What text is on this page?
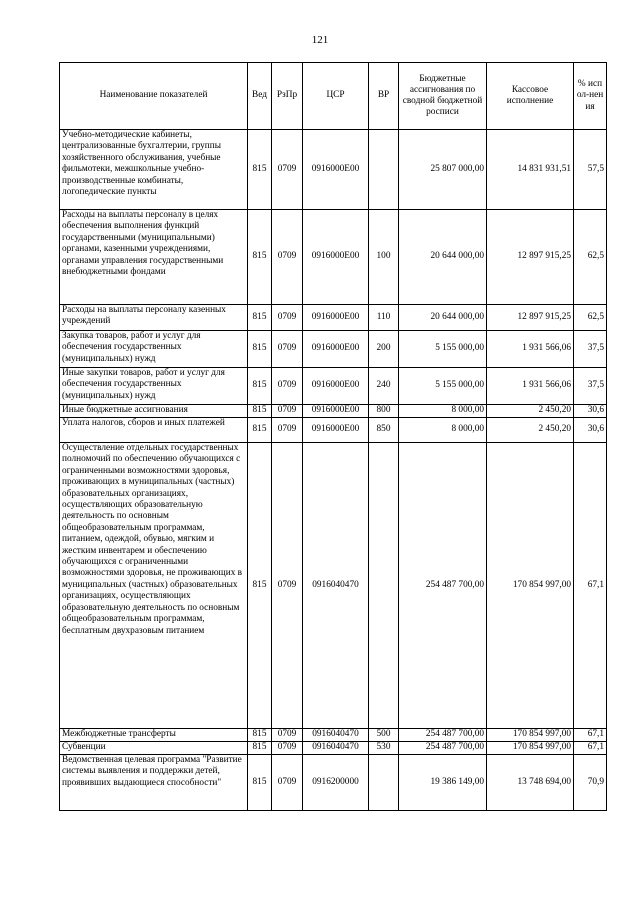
121
Наименование показателей	Вед	РзПр	ЦСР	ВР	Бюджетные ассигнования по сводной бюджетной росписи	Кассовое исполнение	% испол-нения
Учебно-методические кабинеты, централизованные бухгалтерии, группы хозяйственного обслуживания, учебные фильмотеки, межшкольные учебно-производственные комбинаты, логопедические пункты	815	0709	0916000Е00		25 807 000,00	14 831 931,51	57,5
Расходы на выплаты персоналу в целях обеспечения выполнения функций государственными (муниципальными) органами, казенными учреждениями, органами управления государственными внебюджетными фондами	815	0709	0916000Е00	100	20 644 000,00	12 897 915,25	62,5
Расходы на выплаты персоналу казенных учреждений	815	0709	0916000Е00	110	20 644 000,00	12 897 915,25	62,5
Закупка товаров, работ и услуг для обеспечения государственных (муниципальных) нужд	815	0709	0916000Е00	200	5 155 000,00	1 931 566,06	37,5
Иные закупки товаров, работ и услуг для обеспечения государственных (муниципальных) нужд	815	0709	0916000Е00	240	5 155 000,00	1 931 566,06	37,5
Иные бюджетные ассигнования	815	0709	0916000Е00	800	8 000,00	2 450,20	30,6
Уплата налогов, сборов и иных платежей	815	0709	0916000Е00	850	8 000,00	2 450,20	30,6
Осуществление отдельных государственных полномочий по обеспечению обучающихся с ограниченными возможностями здоровья, проживающих в муниципальных (частных) образовательных организациях, осуществляющих образовательную деятельность по основным общеобразовательным программам, питанием, одеждой, обувью, мягким и жестким инвентарем и обеспечению обучающихся с ограниченными возможностями здоровья, не проживающих в муниципальных (частных) образовательных организациях, осуществляющих образовательную деятельность по основным общеобразовательным программам, бесплатным двухразовым питанием	815	0709	0916040470		254 487 700,00	170 854 997,00	67,1
Межбюджетные трансферты	815	0709	0916040470	500	254 487 700,00	170 854 997,00	67,1
Субвенции	815	0709	0916040470	530	254 487 700,00	170 854 997,00	67,1
Ведомственная целевая программа "Развитие системы выявления и поддержки детей, проявивших выдающиеся способности"	815	0709	0916200000		19 386 149,00	13 748 694,00	70,9
